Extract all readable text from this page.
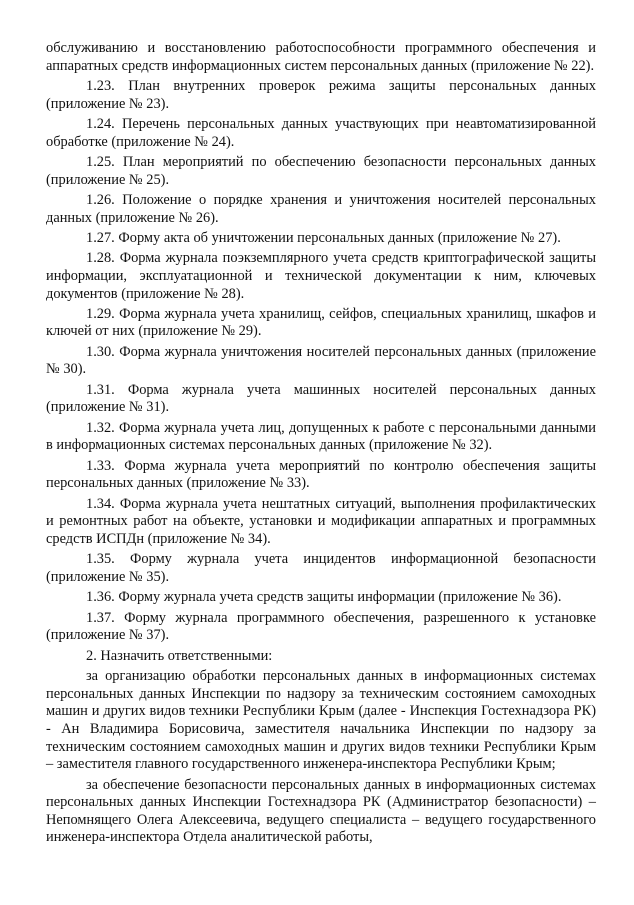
обслуживанию и восстановлению работоспособности программного обеспечения и аппаратных средств информационных систем персональных данных (приложение № 22).

1.23. План внутренних проверок режима защиты персональных данных (приложение № 23).

1.24. Перечень персональных данных участвующих при неавтоматизированной обработке (приложение № 24).

1.25. План мероприятий по обеспечению безопасности персональных данных (приложение № 25).

1.26. Положение о порядке хранения и уничтожения носителей персональных данных (приложение № 26).

1.27. Форму акта об уничтожении персональных данных (приложение № 27).

1.28. Форма журнала поэкземплярного учета средств криптографической защиты информации, эксплуатационной и технической документации к ним, ключевых документов (приложение № 28).

1.29. Форма журнала учета хранилищ, сейфов, специальных хранилищ, шкафов и ключей от них (приложение № 29).

1.30. Форма журнала уничтожения носителей персональных данных (приложение № 30).

1.31. Форма журнала учета машинных носителей персональных данных (приложение № 31).

1.32. Форма журнала учета лиц, допущенных к работе с персональными данными в информационных системах персональных данных (приложение № 32).

1.33. Форма журнала учета мероприятий по контролю обеспечения защиты персональных данных (приложение № 33).

1.34. Форма журнала учета нештатных ситуаций, выполнения профилактических и ремонтных работ на объекте, установки и модификации аппаратных и программных средств ИСПДн (приложение № 34).

1.35. Форму журнала учета инцидентов информационной безопасности (приложение № 35).

1.36. Форму журнала учета средств защиты информации (приложение № 36).

1.37. Форму журнала программного обеспечения, разрешенного к установке (приложение № 37).

2. Назначить ответственными:

за организацию обработки персональных данных в информационных системах персональных данных Инспекции по надзору за техническим состоянием самоходных машин и других видов техники Республики Крым (далее - Инспекция Гостехнадзора РК) - Ан Владимира Борисовича, заместителя начальника Инспекции по надзору за техническим состоянием самоходных машин и других видов техники Республики Крым – заместителя главного государственного инженера-инспектора Республики Крым;

за обеспечение безопасности персональных данных в информационных системах персональных данных Инспекции Гостехнадзора РК (Администратор безопасности) – Непомнящего Олега Алексеевича, ведущего специалиста – ведущего государственного инженера-инспектора Отдела аналитической работы,
